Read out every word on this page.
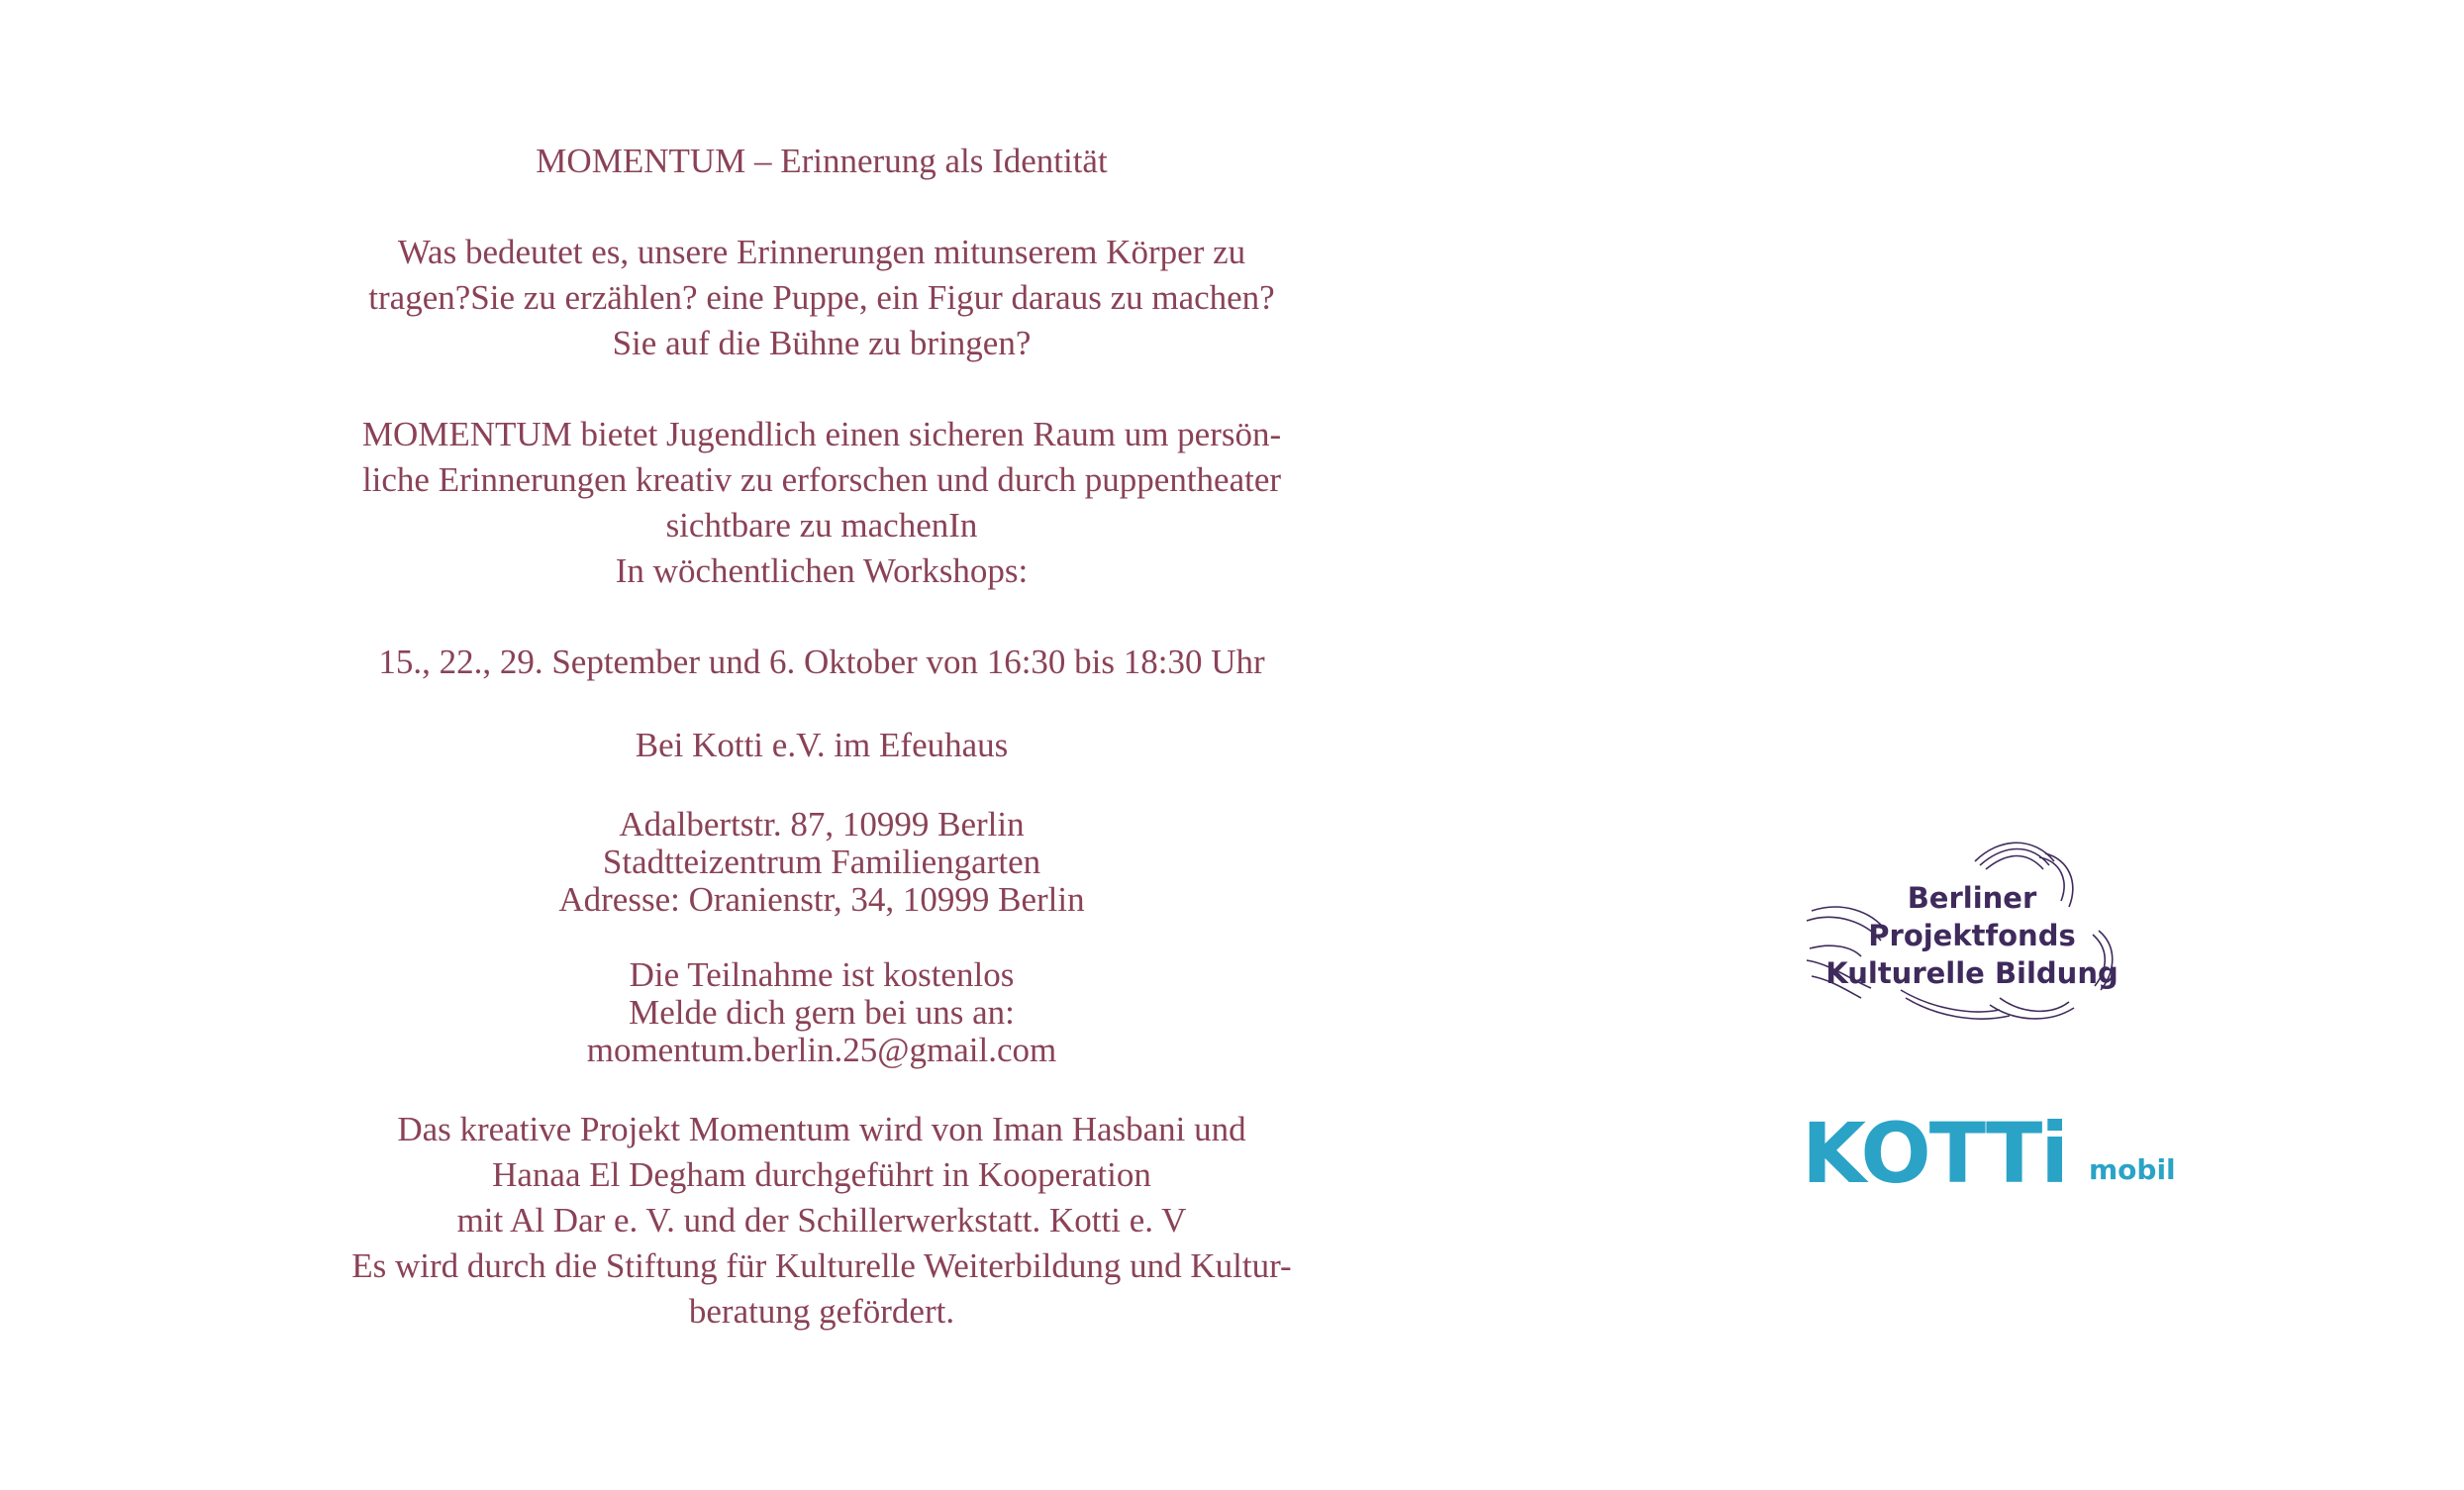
MOMENTUM – Erinnerung als Identität

Was bedeutet es, unsere Erinnerungen mitunserem Körper zu

tragen?Sie zu erzählen? eine Puppe, ein Figur daraus zu machen?

Sie auf die Bühne zu bringen?

MOMENTUM bietet Jugendlich einen sicheren Raum um persön-

liche Erinnerungen kreativ zu erforschen und durch puppentheater

sichtbare zu machenIn

In wöchentlichen Workshops:

15., 22., 29. September und 6. Oktober von 16:30 bis 18:30 Uhr

Bei Kotti e.V. im Efeuhaus

Adalbertstr. 87, 10999 Berlin

Stadtteizentrum Familiengarten

Adresse: Oranienstr, 34, 10999 Berlin

Die Teilnahme ist kostenlos

Melde dich gern bei uns an:

momentum.berlin.25@gmail.com

Das kreative Projekt Momentum wird von Iman Hasbani und

Hanaa El Degham durchgeführt in Kooperation

mit Al Dar e. V. und der Schillerwerkstatt. Kotti e. V

Es wird durch die Stiftung für Kulturelle Weiterbildung und Kultur-

beratung gefördert.

Berliner
Projektfonds
Kulturelle Bildung
KOTTi mobil
